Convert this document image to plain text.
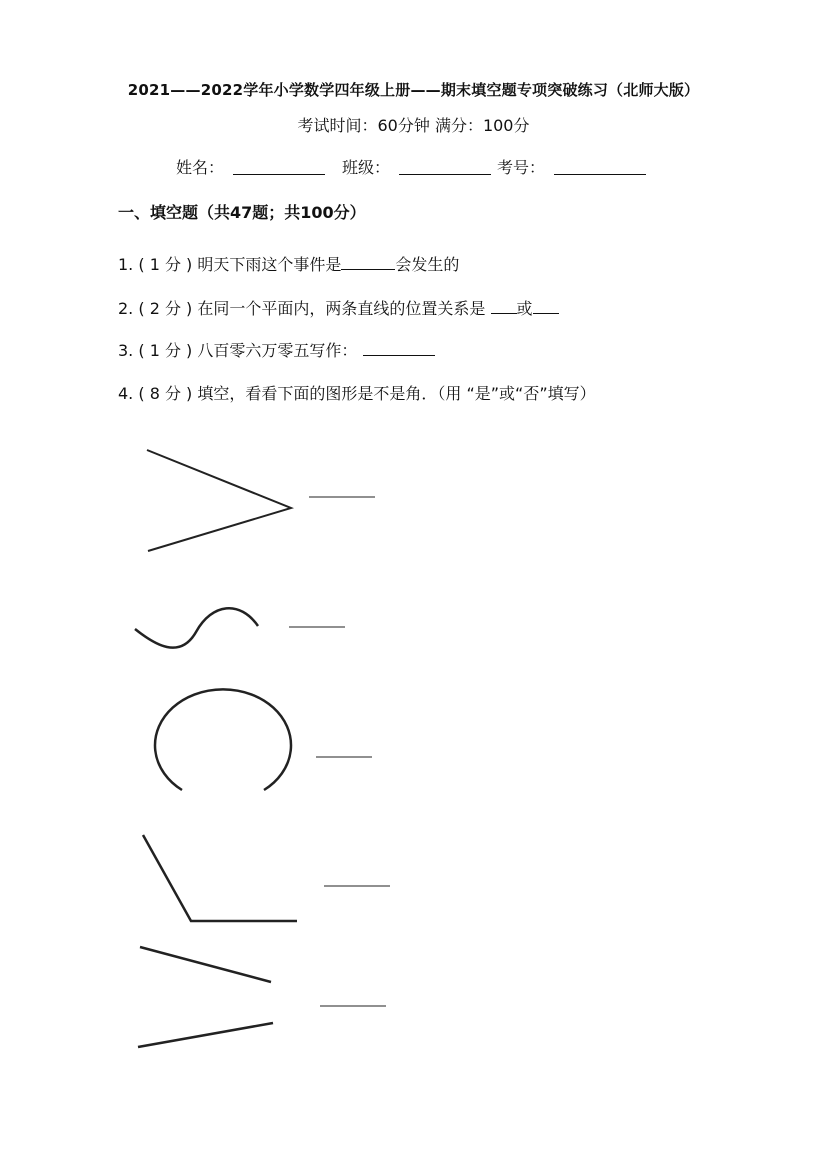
2021——2022学年小学数学四年级上册——期末填空题专项突破练习（北师大版）
考试时间：60分钟 满分：100分
姓名：	班级：	考号：
一、填空题（共47题；共100分）
1. ( 1 分 ) 明天下雨这个事件是	会发生的
2. ( 2 分 ) 在同一个平面内，两条直线的位置关系是 或
3. ( 1 分 ) 八百零六万零五写作：
4. ( 8 分 ) 填空，看看下面的图形是不是角．（用 “是”或“否”填写）
